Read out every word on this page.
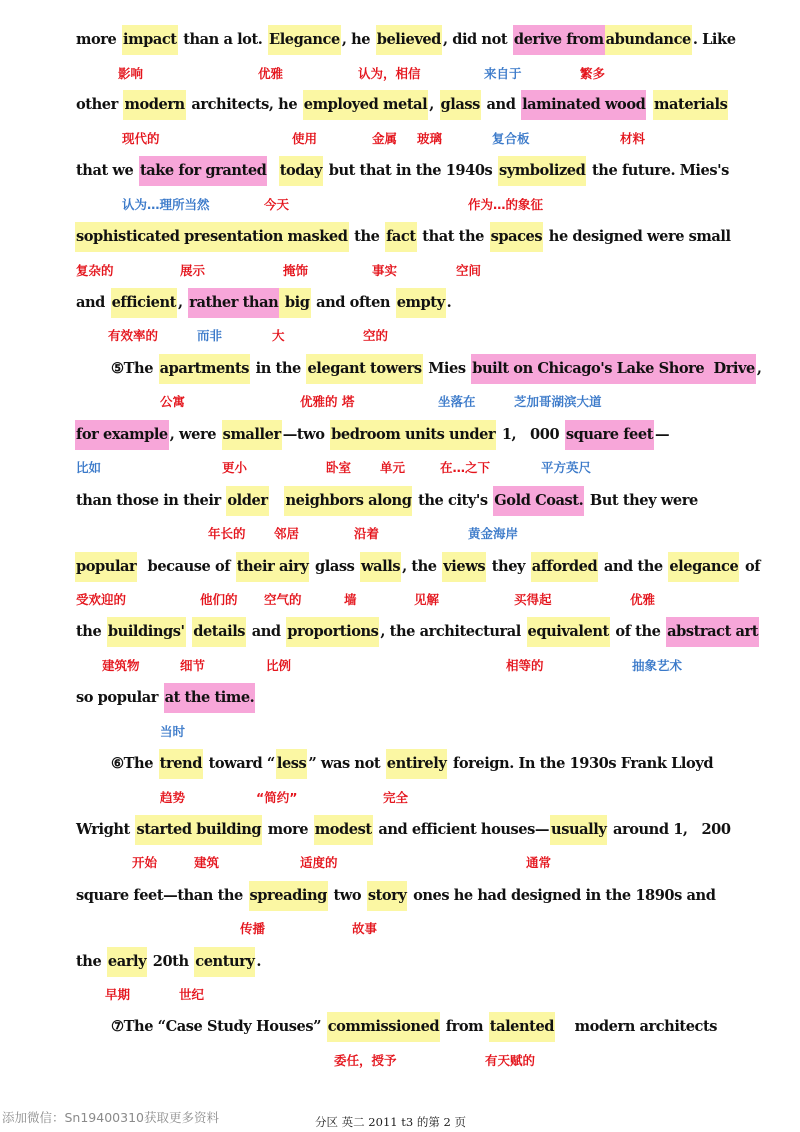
more impact than a lot. Elegance , he believed , did not derive from abundance . Like
other modern architects, he employed metal , glass and laminated wood materials
that we take for granted today but that in the 1940s symbolized the future. Mies's
sophisticated presentation masked the fact that the spaces he designed were small
and efficient , rather than big and often empty .
⑤The apartments in the elegant towers Mies built on Chicago's Lake Shore  Drive ,
for example , were smaller —two bedroom units under 1,   000 square feet —
than those in their older neighbors along the city's Gold Coast. But they were
popular  because of their airy glass walls , the views they afforded and the elegance of
the buildings' details and proportions , the architectural equivalent of the abstract art
so popular at the time.
⑥The trend toward “ less ” was not entirely foreign. In the 1930s Frank Lloyd
Wright started building more modest and efficient houses— usually around 1,   200
square feet—than the spreading two story ones he had designed in the 1890s and
the early 20th century .
⑦The “Case Study Houses” commissioned from talented    modern architects
影响	优雅	认为，相信	来自于	繁多
现代的	使用	金属 玻璃	复合板	材料
认为…理所当然	今天	作为…的象征
复杂的	展示	掩饰	事实	空间
有效率的	而非	大	空的
公寓	优雅的 塔	坐落在	芝加哥湖滨大道
比如	更小	卧室 单元	在…之下	平方英尺
年长的 邻居	沿着	黄金海岸
受欢迎的	他们的 空气的	墙	见解	买得起	优雅
建筑物	细节	比例	相等的	抽象艺术
当时
趋势	“简约”	完全
开始	建筑	适度的	通常
传播	故事
早期	世纪
委任，授予	有天赋的
添加微信：Sn19400310获取更多资料	分区 英二 2011 t3 的第 2 页
